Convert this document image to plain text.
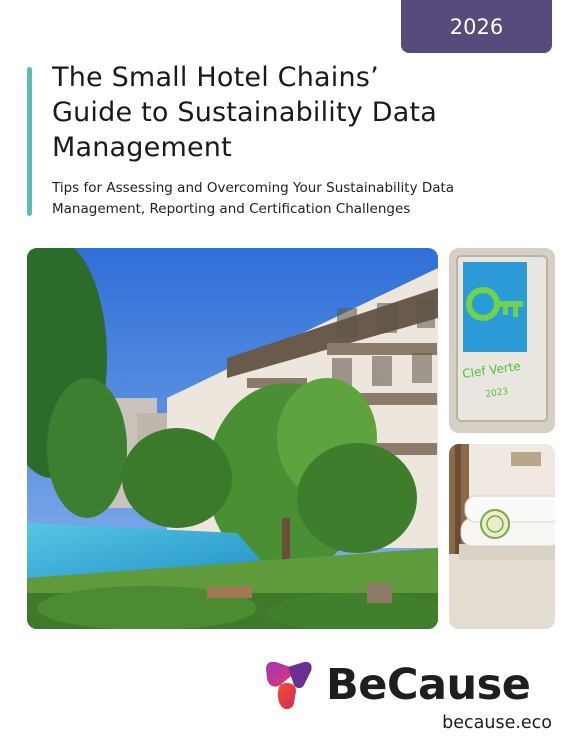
2026
The Small Hotel Chains’
Guide to Sustainability Data
Management

Tips for Assessing and Overcoming Your Sustainability Data
Management, Reporting and Certification Challenges

Clef Verte
2023
BeCause

because.eco
